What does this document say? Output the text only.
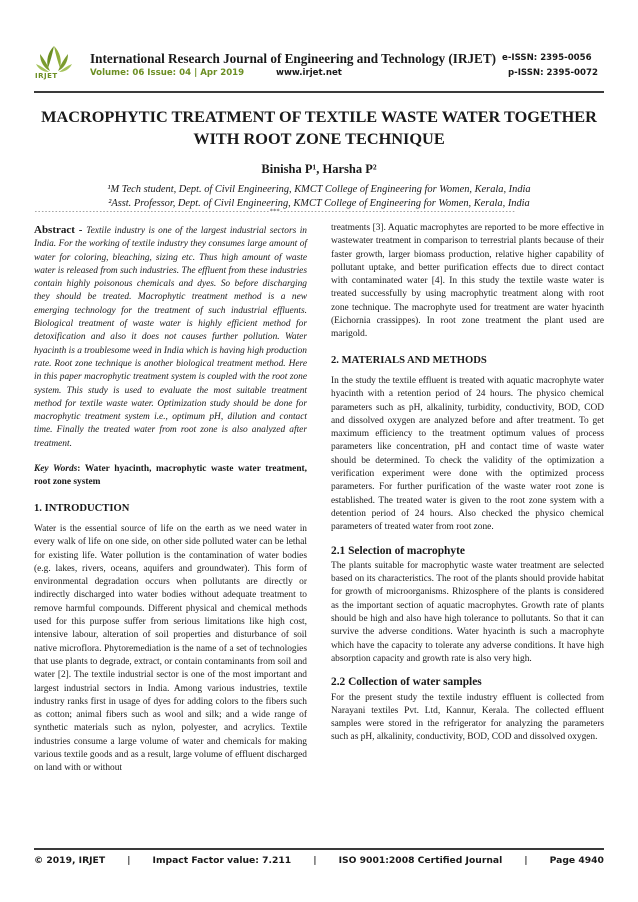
IRJET
International Research Journal of Engineering and Technology (IRJET) e-ISSN: 2395-0056
Volume: 06 Issue: 04 | Apr 2019	www.irjet.net	p-ISSN: 2395-0072
MACROPHYTIC TREATMENT OF TEXTILE WASTE WATER TOGETHER WITH ROOT ZONE TECHNIQUE
Binisha P¹, Harsha P²
¹M Tech student, Dept. of Civil Engineering, KMCT College of Engineering for Women, Kerala, India
²Asst. Professor, Dept. of Civil Engineering, KMCT College of Engineering for Women, Kerala, India
---------------------------------------------------------------------***---------------------------------------------------------------------

Abstract - Textile industry is one of the largest industrial sectors in India. For the working of textile industry they consumes large amount of water for coloring, bleaching, sizing etc. Thus high amount of waste water is released from such industries. The effluent from these industries contain highly poisonous chemicals and dyes. So before discharging they should be treated. Macrophytic treatment method is a new emerging technology for the treatment of such industrial effluents. Biological treatment of waste water is highly efficient method for detoxification and also it does not causes further pollution. Water hyacinth is a troublesome weed in India which is having high production rate. Root zone technique is another biological treatment method. Here in this paper macrophytic treatment system is coupled with the root zone system. This study is used to evaluate the most suitable treatment method for textile waste water. Optimization study should be done for macrophytic treatment system i.e., optimum pH, dilution and contact time. Finally the treated water from root zone is also analyzed after treatment.

Key Words: Water hyacinth, macrophytic waste water treatment, root zone system

1. INTRODUCTION

Water is the essential source of life on the earth as we need water in every walk of life on one side, on other side polluted water can be lethal for existing life. Water pollution is the contamination of water bodies (e.g. lakes, rivers, oceans, aquifers and groundwater). This form of environmental degradation occurs when pollutants are directly or indirectly discharged into water bodies without adequate treatment to remove harmful compounds. Different physical and chemical methods used for this purpose suffer from serious limitations like high cost, intensive labour, alteration of soil properties and disturbance of soil native microflora. Phytoremediation is the name of a set of technologies that use plants to degrade, extract, or contain contaminants from soil and water [2]. The textile industrial sector is one of the most important and largest industrial sectors in India. Among various industries, textile industry ranks first in usage of dyes for adding colors to the fibers such as cotton; animal fibers such as wool and silk; and a wide range of synthetic materials such as nylon, polyester, and acrylics. Textile industries consume a large volume of water and chemicals for making various textile goods and as a result, large volume of effluent discharged on land with or without

treatments [3]. Aquatic macrophytes are reported to be more effective in wastewater treatment in comparison to terrestrial plants because of their faster growth, larger biomass production, relative higher capability of pollutant uptake, and better purification effects due to direct contact with contaminated water [4]. In this study the textile waste water is treated successfully by using macrophytic treatment along with root zone technique. The macrophyte used for treatment are water hyacinth (Eichornia crassippes). In root zone treatment the plant used are marigold.

2. MATERIALS AND METHODS

In the study the textile effluent is treated with aquatic macrophyte water hyacinth with a retention period of 24 hours. The physico chemical parameters such as pH, alkalinity, turbidity, conductivity, BOD, COD and dissolved oxygen are analyzed before and after treatment. To get maximum efficiency to the treatment optimum values of process parameters like concentration, pH and contact time of waste water should be determined. To check the validity of the optimization a verification experiment were done with the optimized process parameters. For further purification of the waste water root zone is established. The treated water is given to the root zone system with a detention period of 24 hours. Also checked the physico chemical parameters of treated water from root zone.

2.1 Selection of macrophyte

The plants suitable for macrophytic waste water treatment are selected based on its characteristics. The root of the plants should provide habitat for growth of microorganisms. Rhizosphere of the plants is considered as the important section of aquatic macrophytes. Growth rate of plants should be high and also have high tolerance to pollutants. So that it can survive the adverse conditions. Water hyacinth is such a macrophyte which have the capacity to tolerate any adverse conditions. It have high absorption capacity and growth rate is also very high.

2.2 Collection of water samples

For the present study the textile industry effluent is collected from Narayani textiles Pvt. Ltd, Kannur, Kerala. The collected effluent samples were stored in the refrigerator for analyzing the parameters such as pH, alkalinity, conductivity, BOD, COD and dissolved oxygen.

© 2019, IRJET | Impact Factor value: 7.211 | ISO 9001:2008 Certified Journal | Page 4940
